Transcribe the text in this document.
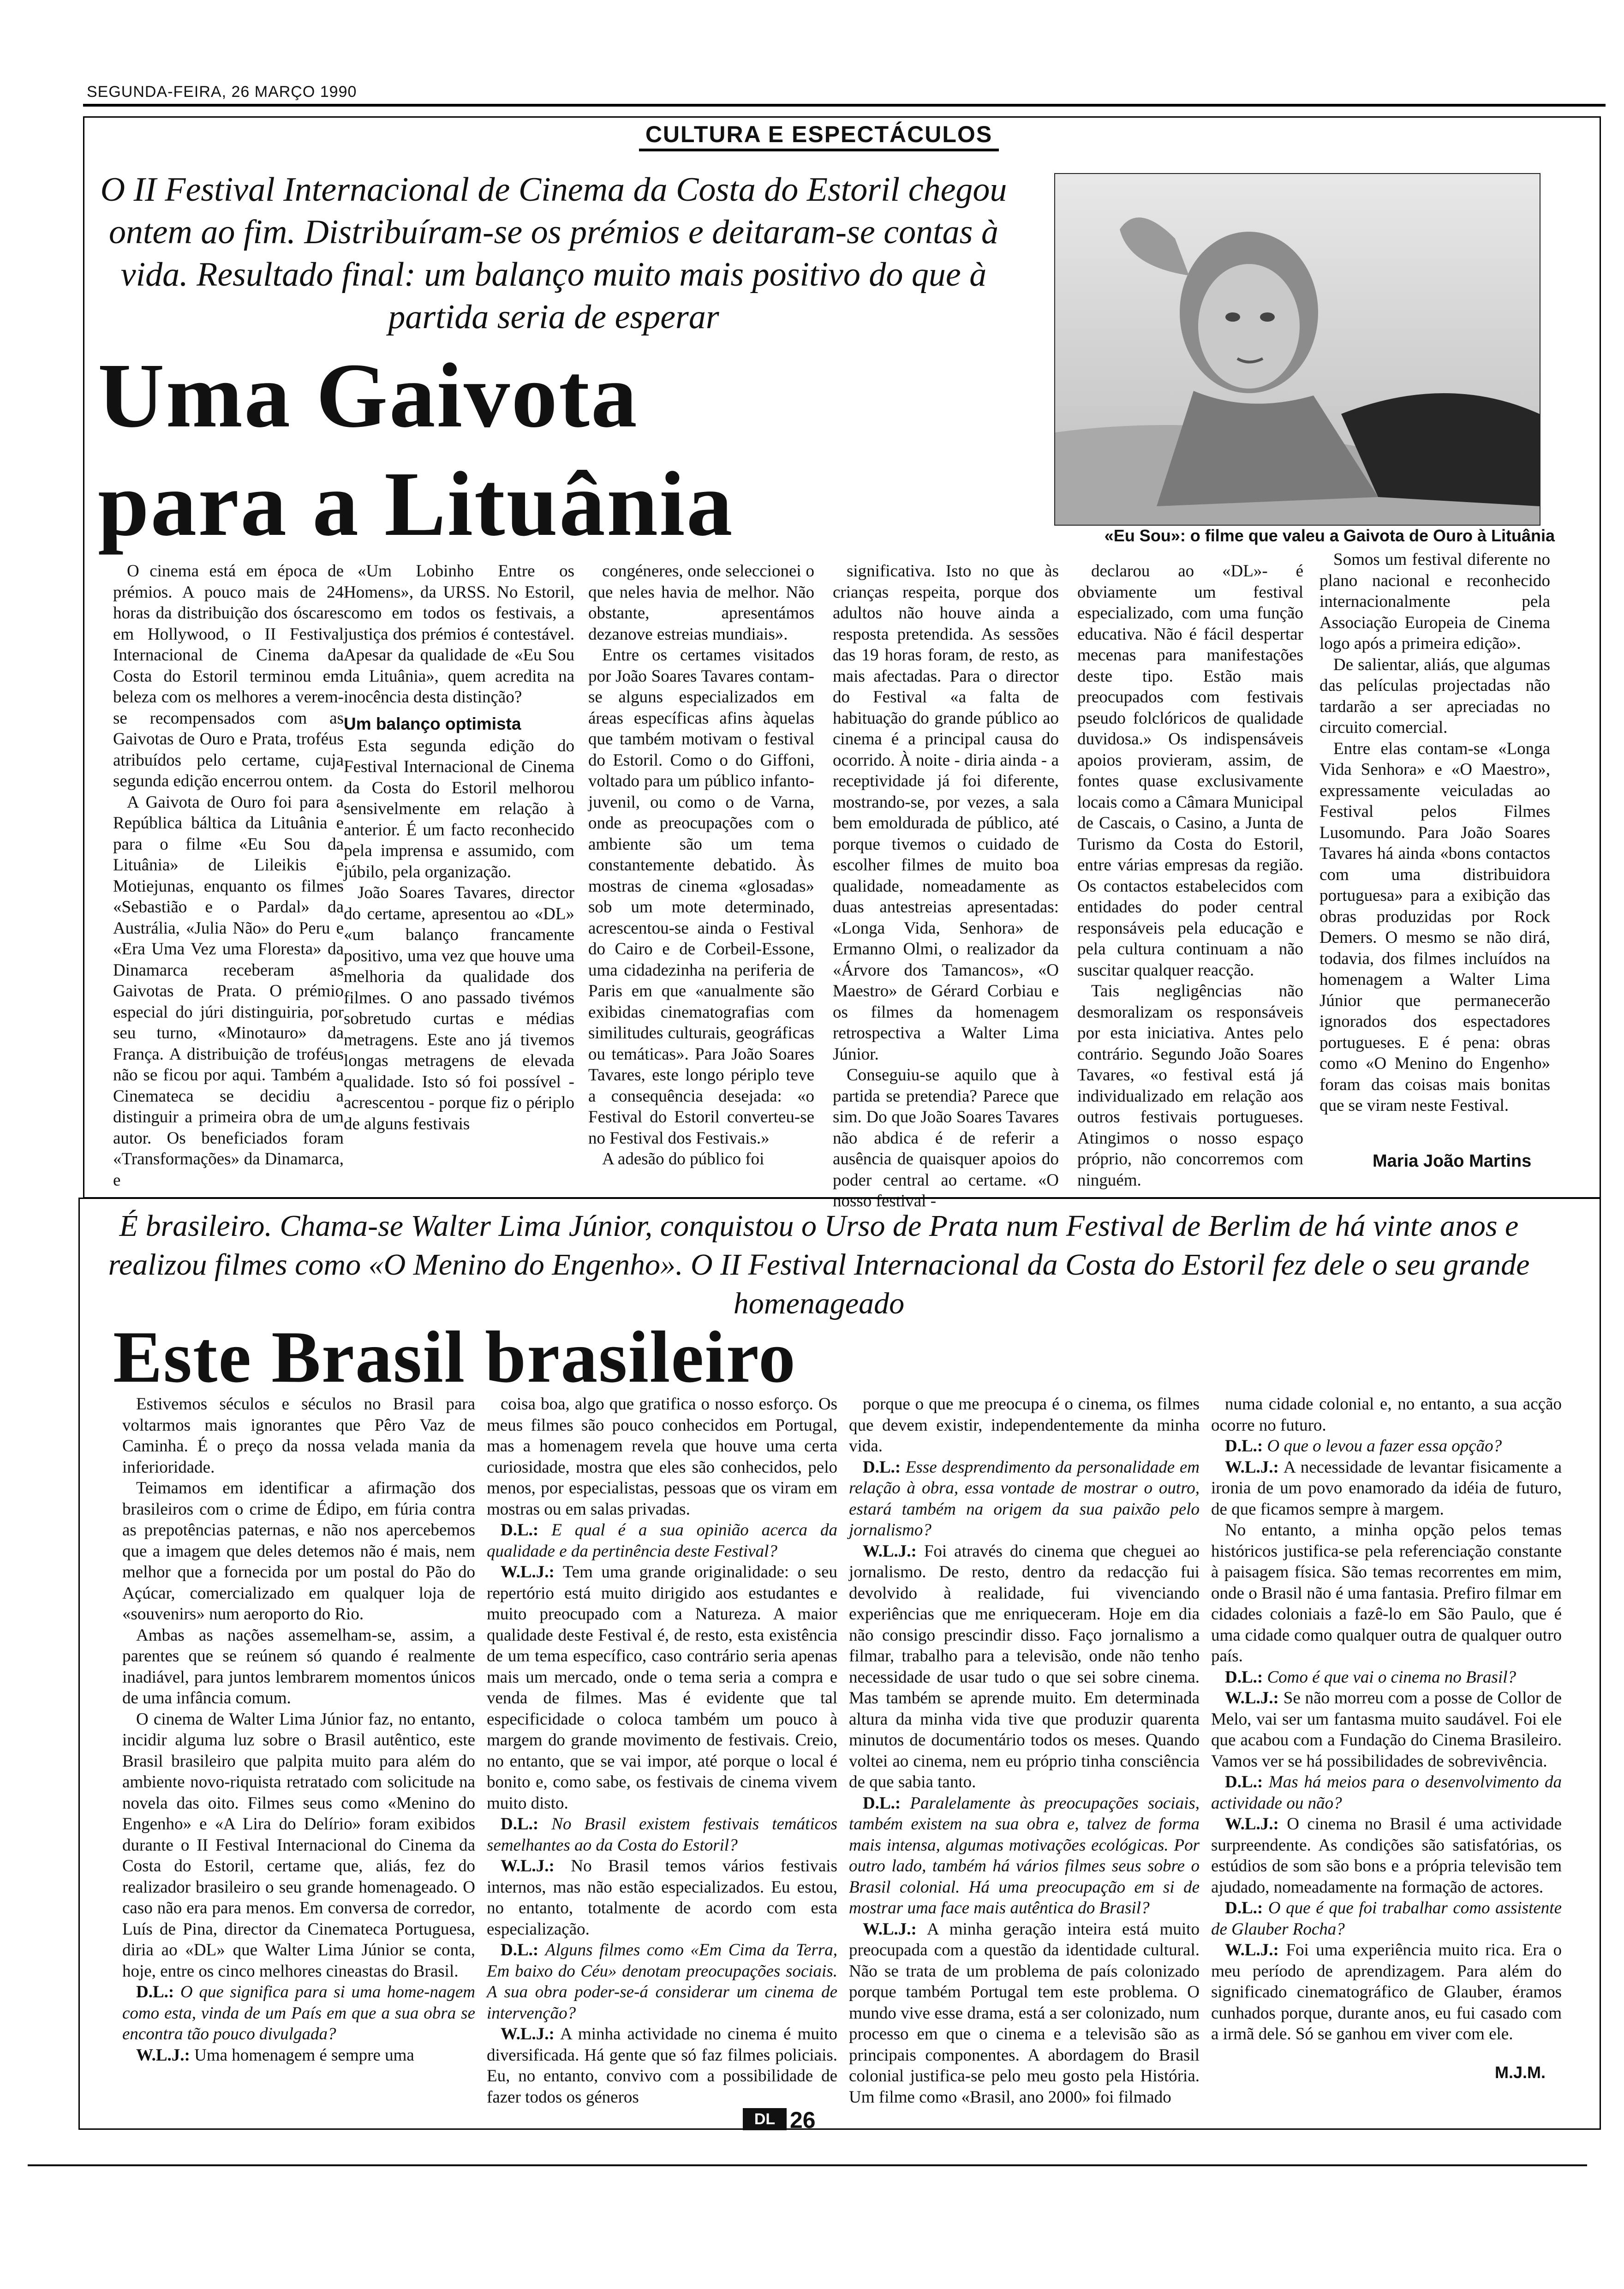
SEGUNDA-FEIRA, 26 MARÇO 1990
CULTURA E ESPECTÁCULOS
O II Festival Internacional de Cinema da Costa do Estoril chegou ontem ao fim. Distribuíram-se os prémios e deitaram-se contas à vida. Resultado final: um balanço muito mais positivo do que à partida seria de esperar
Uma Gaivota
para a Lituânia	«Eu Sou»: o filme que valeu a Gaivota de Ouro à Lituânia

O cinema está em época de prémios. A pouco mais de 24 horas da distribuição dos óscares em Hollywood, o II Festival Internacional de Cinema da Costa do Estoril terminou em beleza com os melhores a verem-se recompensados com as Gaivotas de Ouro e Prata, troféus atribuídos pelo certame, cuja segunda edição encerrou ontem.

A Gaivota de Ouro foi para a República báltica da Lituânia e para o filme «Eu Sou da Lituânia» de Lileikis e Motiejunas, enquanto os filmes «Sebastião e o Pardal» da Austrália, «Julia Não» do Peru e «Era Uma Vez uma Floresta» da Dinamarca receberam as Gaivotas de Prata. O prémio especial do júri distinguiria, por seu turno, «Minotauro» da França. A distribuição de troféus não se ficou por aqui. Também a Cinemateca se decidiu a distinguir a primeira obra de um autor. Os beneficiados foram «Transformações» da Dinamarca, e

«Um Lobinho Entre os Homens», da URSS. No Estoril, como em todos os festivais, a justiça dos prémios é contestável. Apesar da qualidade de «Eu Sou da Lituânia», quem acredita na inocência desta distinção?

Um balanço optimista

Esta segunda edição do Festival Internacional de Cinema da Costa do Estoril melhorou sensivelmente em relação à anterior. É um facto reconhecido pela imprensa e assumido, com júbilo, pela organização.

João Soares Tavares, director do certame, apresentou ao «DL» «um balanço francamente positivo, uma vez que houve uma melhoria da qualidade dos filmes. O ano passado tivémos sobretudo curtas e médias metragens. Este ano já tivemos longas metragens de elevada qualidade. Isto só foi possível - acrescentou - porque fiz o périplo de alguns festivais

congéneres, onde seleccionei o que neles havia de melhor. Não obstante, apresentámos dezanove estreias mundiais».

Entre os certames visitados por João Soares Tavares contam-se alguns especializados em áreas específicas afins àquelas que também motivam o festival do Estoril. Como o do Giffoni, voltado para um público infanto-juvenil, ou como o de Varna, onde as preocupações com o ambiente são um tema constantemente debatido. Às mostras de cinema «glosadas» sob um mote determinado, acrescentou-se ainda o Festival do Cairo e de Corbeil-Essone, uma cidadezinha na periferia de Paris em que «anualmente são exibidas cinematografias com similitudes culturais, geográficas ou temáticas». Para João Soares Tavares, este longo périplo teve a consequência desejada: «o Festival do Estoril converteu-se no Festival dos Festivais.»

A adesão do público foi

significativa. Isto no que às crianças respeita, porque dos adultos não houve ainda a resposta pretendida. As sessões das 19 horas foram, de resto, as mais afectadas. Para o director do Festival «a falta de habituação do grande público ao cinema é a principal causa do ocorrido. À noite - diria ainda - a receptividade já foi diferente, mostrando-se, por vezes, a sala bem emoldurada de público, até porque tivemos o cuidado de escolher filmes de muito boa qualidade, nomeadamente as duas antestreias apresentadas: «Longa Vida, Senhora» de Ermanno Olmi, o realizador da «Árvore dos Tamancos», «O Maestro» de Gérard Corbiau e os filmes da homenagem retrospectiva a Walter Lima Júnior.

Conseguiu-se aquilo que à partida se pretendia? Parece que sim. Do que João Soares Tavares não abdica é de referir a ausência de quaisquer apoios do poder central ao certame. «O nosso festival -

declarou ao «DL»- é obviamente um festival especializado, com uma função educativa. Não é fácil despertar mecenas para manifestações deste tipo. Estão mais preocupados com festivais pseudo folclóricos de qualidade duvidosa.» Os indispensáveis apoios provieram, assim, de fontes quase exclusivamente locais como a Câmara Municipal de Cascais, o Casino, a Junta de Turismo da Costa do Estoril, entre várias empresas da região. Os contactos estabelecidos com entidades do poder central responsáveis pela educação e pela cultura continuam a não suscitar qualquer reacção.

Tais negligências não desmoralizam os responsáveis por esta iniciativa. Antes pelo contrário. Segundo João Soares Tavares, «o festival está já individualizado em relação aos outros festivais portugueses. Atingimos o nosso espaço próprio, não concorremos com ninguém.

Somos um festival diferente no plano nacional e reconhecido internacionalmente pela Associação Europeia de Cinema logo após a primeira edição».

De salientar, aliás, que algumas das películas projectadas não tardarão a ser apreciadas no circuito comercial.

Entre elas contam-se «Longa Vida Senhora» e «O Maestro», expressamente veiculadas ao Festival pelos Filmes Lusomundo. Para João Soares Tavares há ainda «bons contactos com uma distribuidora portuguesa» para a exibição das obras produzidas por Rock Demers. O mesmo se não dirá, todavia, dos filmes incluídos na homenagem a Walter Lima Júnior que permanecerão ignorados dos espectadores portugueses. E é pena: obras como «O Menino do Engenho» foram das coisas mais bonitas que se viram neste Festival.

Maria João Martins
É brasileiro. Chama-se Walter Lima Júnior, conquistou o Urso de Prata num Festival de Berlim de há vinte anos e realizou filmes como «O Menino do Engenho». O II Festival Internacional da Costa do Estoril fez dele o seu grande homenageado
Este Brasil brasileiro

Estivemos séculos e séculos no Brasil para voltarmos mais ignorantes que Pêro Vaz de Caminha. É o preço da nossa velada mania da inferioridade.

Teimamos em identificar a afirmação dos brasileiros com o crime de Édipo, em fúria contra as prepotências paternas, e não nos apercebemos que a imagem que deles detemos não é mais, nem melhor que a fornecida por um postal do Pão do Açúcar, comercializado em qualquer loja de «souvenirs» num aeroporto do Rio.

Ambas as nações assemelham-se, assim, a parentes que se reúnem só quando é realmente inadiável, para juntos lembrarem momentos únicos de uma infância comum.

O cinema de Walter Lima Júnior faz, no entanto, incidir alguma luz sobre o Brasil autêntico, este Brasil brasileiro que palpita muito para além do ambiente novo-riquista retratado com solicitude na novela das oito. Filmes seus como «Menino do Engenho» e «A Lira do Delírio» foram exibidos durante o II Festival Internacional do Cinema da Costa do Estoril, certame que, aliás, fez do realizador brasileiro o seu grande homenageado. O caso não era para menos. Em conversa de corredor, Luís de Pina, director da Cinemateca Portuguesa, diria ao «DL» que Walter Lima Júnior se conta, hoje, entre os cinco melhores cineastas do Brasil.

D.L.: O que significa para si uma home-nagem como esta, vinda de um País em que a sua obra se encontra tão pouco divulgada?

W.L.J.: Uma homenagem é sempre uma

coisa boa, algo que gratifica o nosso esforço. Os meus filmes são pouco conhecidos em Portugal, mas a homenagem revela que houve uma certa curiosidade, mostra que eles são conhecidos, pelo menos, por especialistas, pessoas que os viram em mostras ou em salas privadas.

D.L.: E qual é a sua opinião acerca da qualidade e da pertinência deste Festival?

W.L.J.: Tem uma grande originalidade: o seu repertório está muito dirigido aos estudantes e muito preocupado com a Natureza. A maior qualidade deste Festival é, de resto, esta existência de um tema específico, caso contrário seria apenas mais um mercado, onde o tema seria a compra e venda de filmes. Mas é evidente que tal especificidade o coloca também um pouco à margem do grande movimento de festivais. Creio, no entanto, que se vai impor, até porque o local é bonito e, como sabe, os festivais de cinema vivem muito disto.

D.L.: No Brasil existem festivais temáticos semelhantes ao da Costa do Estoril?

W.L.J.: No Brasil temos vários festivais internos, mas não estão especializados. Eu estou, no entanto, totalmente de acordo com esta especialização.

D.L.: Alguns filmes como «Em Cima da Terra, Em baixo do Céu» denotam preocupações sociais. A sua obra poder-se-á considerar um cinema de intervenção?

W.L.J.: A minha actividade no cinema é muito diversificada. Há gente que só faz filmes policiais. Eu, no entanto, convivo com a possibilidade de fazer todos os géneros

porque o que me preocupa é o cinema, os filmes que devem existir, independentemente da minha vida.

D.L.: Esse desprendimento da personalidade em relação à obra, essa vontade de mostrar o outro, estará também na origem da sua paixão pelo jornalismo?

W.L.J.: Foi através do cinema que cheguei ao jornalismo. De resto, dentro da redacção fui devolvido à realidade, fui vivenciando experiências que me enriqueceram. Hoje em dia não consigo prescindir disso. Faço jornalismo a filmar, trabalho para a televisão, onde não tenho necessidade de usar tudo o que sei sobre cinema. Mas também se aprende muito. Em determinada altura da minha vida tive que produzir quarenta minutos de documentário todos os meses. Quando voltei ao cinema, nem eu próprio tinha consciência de que sabia tanto.

D.L.: Paralelamente às preocupações sociais, também existem na sua obra e, talvez de forma mais intensa, algumas motivações ecológicas. Por outro lado, também há vários filmes seus sobre o Brasil colonial. Há uma preocupação em si de mostrar uma face mais autêntica do Brasil?

W.L.J.: A minha geração inteira está muito preocupada com a questão da identidade cultural. Não se trata de um problema de país colonizado porque também Portugal tem este problema. O mundo vive esse drama, está a ser colonizado, num processo em que o cinema e a televisão são as principais componentes. A abordagem do Brasil colonial justifica-se pelo meu gosto pela História. Um filme como «Brasil, ano 2000» foi filmado

numa cidade colonial e, no entanto, a sua acção ocorre no futuro.

D.L.: O que o levou a fazer essa opção?

W.L.J.: A necessidade de levantar fisicamente a ironia de um povo enamorado da idéia de futuro, de que ficamos sempre à margem.

No entanto, a minha opção pelos temas históricos justifica-se pela referenciação constante à paisagem física. São temas recorrentes em mim, onde o Brasil não é uma fantasia. Prefiro filmar em cidades coloniais a fazê-lo em São Paulo, que é uma cidade como qualquer outra de qualquer outro país.

D.L.: Como é que vai o cinema no Brasil?

W.L.J.: Se não morreu com a posse de Collor de Melo, vai ser um fantasma muito saudável. Foi ele que acabou com a Fundação do Cinema Brasileiro. Vamos ver se há possibilidades de sobrevivência.

D.L.: Mas há meios para o desenvolvimento da actividade ou não?

W.L.J.: O cinema no Brasil é uma actividade surpreendente. As condições são satisfatórias, os estúdios de som são bons e a própria televisão tem ajudado, nomeadamente na formação de actores.

D.L.: O que é que foi trabalhar como assistente de Glauber Rocha?

W.L.J.: Foi uma experiência muito rica. Era o meu período de aprendizagem. Para além do significado cinematográfico de Glauber, éramos cunhados porque, durante anos, eu fui casado com a irmã dele. Só se ganhou em viver com ele.

M.J.M.
DL 26
